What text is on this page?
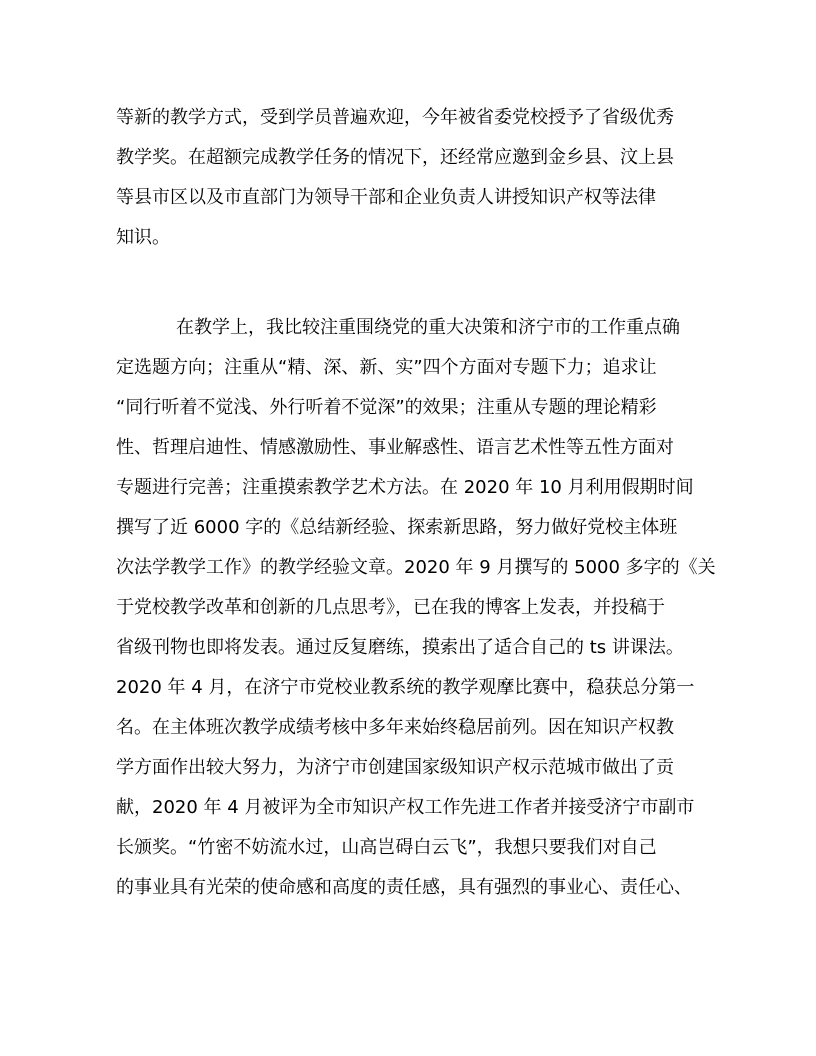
等新的教学方式，受到学员普遍欢迎，今年被省委党校授予了省级优秀
教学奖。在超额完成教学任务的情况下，还经常应邀到金乡县、汶上县
等县市区以及市直部门为领导干部和企业负责人讲授知识产权等法律
知识。
在教学上，我比较注重围绕党的重大决策和济宁市的工作重点确
定选题方向；注重从“精、深、新、实”四个方面对专题下力；追求让
“同行听着不觉浅、外行听着不觉深”的效果；注重从专题的理论精彩
性、哲理启迪性、情感激励性、事业解惑性、语言艺术性等五性方面对
专题进行完善；注重摸索教学艺术方法。在 2020 年 10 月利用假期时间
撰写了近 6000 字的《总结新经验、探索新思路，努力做好党校主体班
次法学教学工作》的教学经验文章。2020 年 9 月撰写的 5000 多字的《关
于党校教学改革和创新的几点思考》，已在我的博客上发表，并投稿于
省级刊物也即将发表。通过反复磨练，摸索出了适合自己的 ts 讲课法。
2020 年 4 月，在济宁市党校业教系统的教学观摩比赛中，稳获总分第一
名。在主体班次教学成绩考核中多年来始终稳居前列。因在知识产权教
学方面作出较大努力，为济宁市创建国家级知识产权示范城市做出了贡
献，2020 年 4 月被评为全市知识产权工作先进工作者并接受济宁市副市
长颁奖。“竹密不妨流水过，山高岂碍白云飞”，我想只要我们对自己
的事业具有光荣的使命感和高度的责任感，具有强烈的事业心、责任心、
